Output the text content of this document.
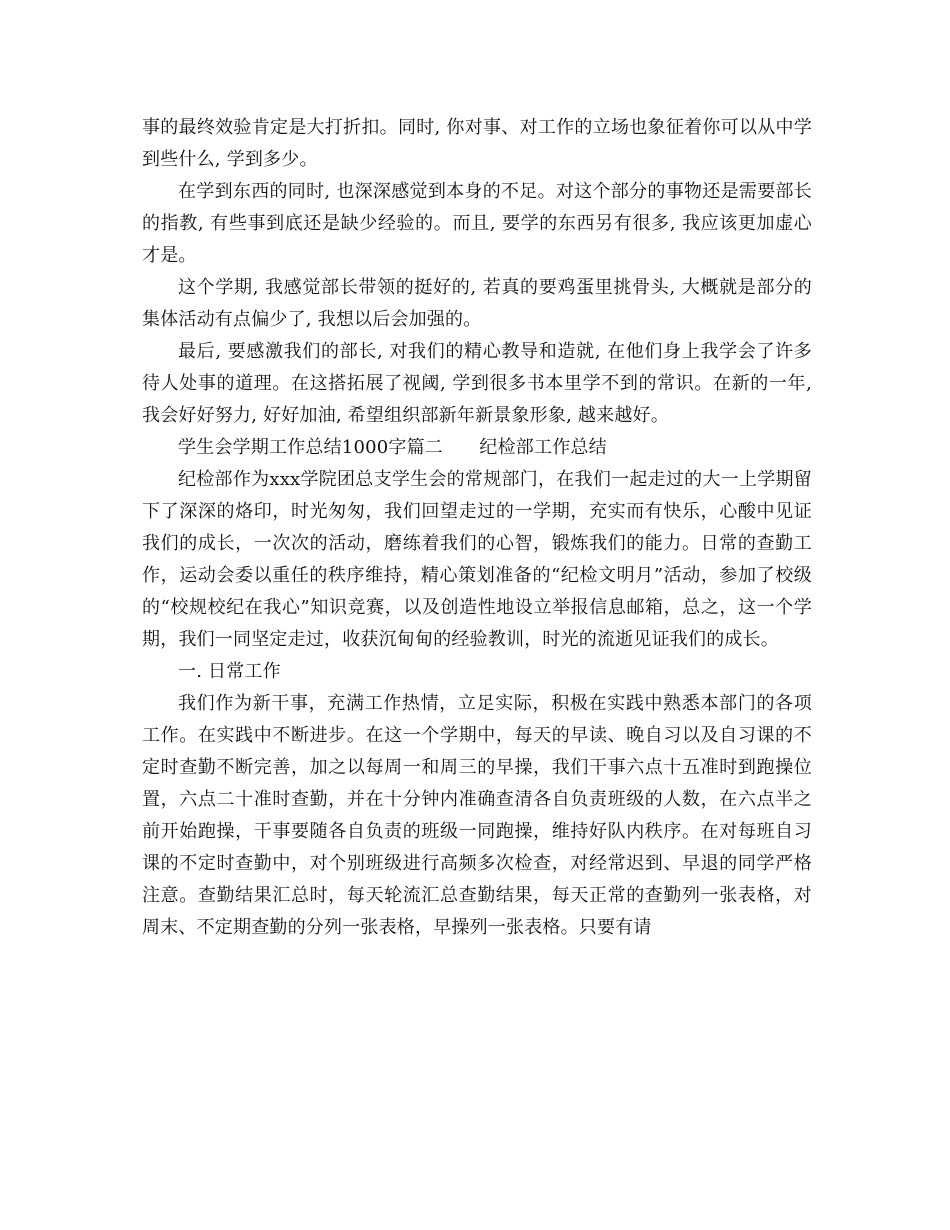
事的最终效验肯定是大打折扣。同时, 你对事、对工作的立场也象征着你可以从中学到些什么, 学到多少。

在学到东西的同时, 也深深感觉到本身的不足。对这个部分的事物还是需要部长的指教, 有些事到底还是缺少经验的。而且, 要学的东西另有很多, 我应该更加虚心才是。

这个学期, 我感觉部长带领的挺好的, 若真的要鸡蛋里挑骨头, 大概就是部分的集体活动有点偏少了, 我想以后会加强的。

最后, 要感激我们的部长, 对我们的精心教导和造就, 在他们身上我学会了许多待人处事的道理。在这搭拓展了视阈, 学到很多书本里学不到的常识。在新的一年, 我会好好努力, 好好加油, 希望组织部新年新景象形象, 越来越好。

学生会学期工作总结1000字篇二　　纪检部工作总结

纪检部作为xxx学院团总支学生会的常规部门，在我们一起走过的大一上学期留下了深深的烙印，时光匆匆，我们回望走过的一学期，充实而有快乐，心酸中见证我们的成长，一次次的活动，磨练着我们的心智，锻炼我们的能力。日常的查勤工作，运动会委以重任的秩序维持，精心策划准备的“纪检文明月”活动，参加了校级的“校规校纪在我心”知识竞赛，以及创造性地设立举报信息邮箱，总之，这一个学期，我们一同坚定走过，收获沉甸甸的经验教训，时光的流逝见证我们的成长。

一. 日常工作

我们作为新干事，充满工作热情，立足实际，积极在实践中熟悉本部门的各项工作。在实践中不断进步。在这一个学期中，每天的早读、晚自习以及自习课的不定时查勤不断完善，加之以每周一和周三的早操，我们干事六点十五准时到跑操位置，六点二十准时查勤，并在十分钟内准确查清各自负责班级的人数，在六点半之前开始跑操，干事要随各自负责的班级一同跑操，维持好队内秩序。在对每班自习课的不定时查勤中，对个别班级进行高频多次检查，对经常迟到、早退的同学严格注意。查勤结果汇总时，每天轮流汇总查勤结果，每天正常的查勤列一张表格，对周末、不定期查勤的分列一张表格，早操列一张表格。只要有请
